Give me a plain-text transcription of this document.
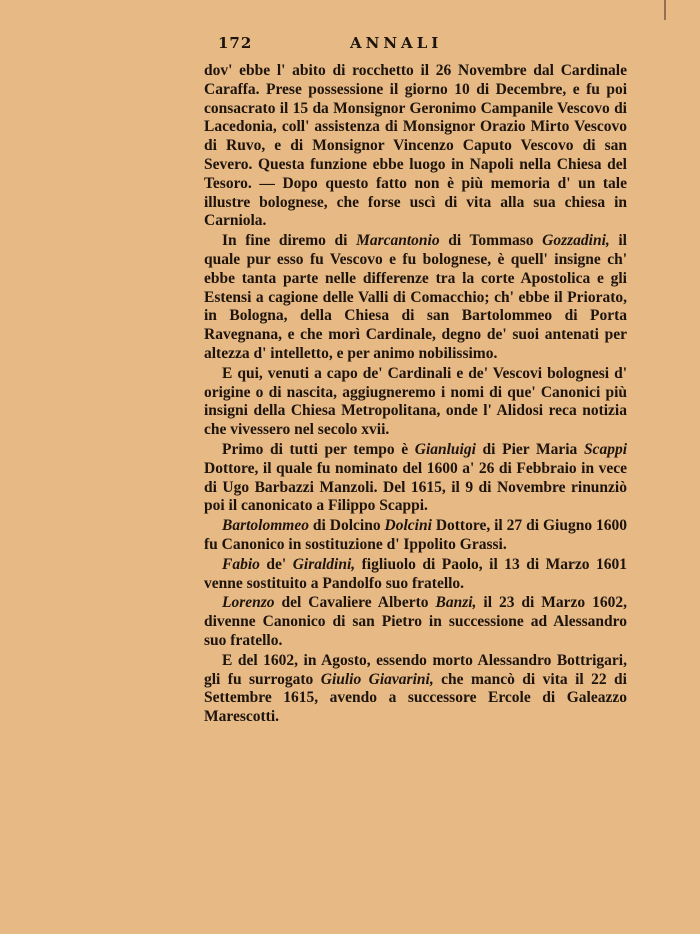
172	ANNALI

dov' ebbe l' abito di rocchetto il 26 Novembre dal Cardinale Caraffa. Prese possessione il giorno 10 di Decembre, e fu poi consacrato il 15 da Monsignor Geronimo Campanile Vescovo di Lacedonia, coll' assistenza di Monsignor Orazio Mirto Vescovo di Ruvo, e di Monsignor Vincenzo Caputo Vescovo di san Severo. Questa funzione ebbe luogo in Napoli nella Chiesa del Tesoro. — Dopo questo fatto non è più memoria d' un tale illustre bolognese, che forse uscì di vita alla sua chiesa in Carniola.

In fine diremo di Marcantonio di Tommaso Gozzadini, il quale pur esso fu Vescovo e fu bolognese, è quell' insigne ch' ebbe tanta parte nelle differenze tra la corte Apostolica e gli Estensi a cagione delle Valli di Comacchio; ch' ebbe il Priorato, in Bologna, della Chiesa di san Bartolommeo di Porta Ravegnana, e che morì Cardinale, degno de' suoi antenati per altezza d' intelletto, e per animo nobilissimo.

E qui, venuti a capo de' Cardinali e de' Vescovi bolognesi d' origine o di nascita, aggiugneremo i nomi di que' Canonici più insigni della Chiesa Metropolitana, onde l' Alidosi reca notizia che vivessero nel secolo xvii.

Primo di tutti per tempo è Gianluigi di Pier Maria Scappi Dottore, il quale fu nominato del 1600 a' 26 di Febbraio in vece di Ugo Barbazzi Manzoli. Del 1615, il 9 di Novembre rinunziò poi il canonicato a Filippo Scappi.

Bartolommeo di Dolcino Dolcini Dottore, il 27 di Giugno 1600 fu Canonico in sostituzione d' Ippolito Grassi.

Fabio de' Giraldini, figliuolo di Paolo, il 13 di Marzo 1601 venne sostituito a Pandolfo suo fratello.

Lorenzo del Cavaliere Alberto Banzi, il 23 di Marzo 1602, divenne Canonico di san Pietro in successione ad Alessandro suo fratello.

E del 1602, in Agosto, essendo morto Alessandro Bottrigari, gli fu surrogato Giulio Giavarini, che mancò di vita il 22 di Settembre 1615, avendo a successore Ercole di Galeazzo Marescotti.
